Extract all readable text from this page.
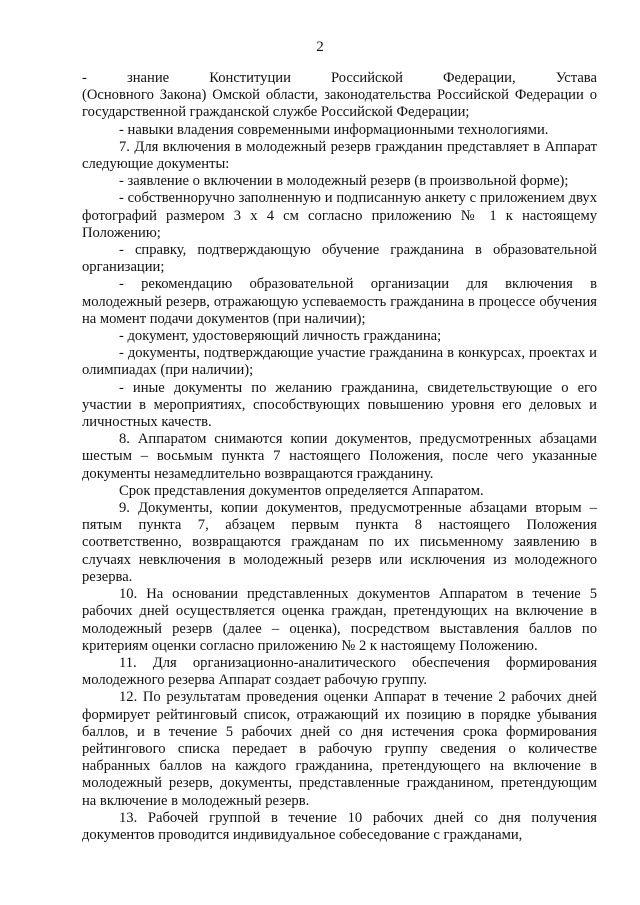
2

-	знание	Конституции	Российской	Федерации,	Устава
(Основного Закона) Омской области, законодательства Российской Федерации о государственной гражданской службе Российской Федерации;

- навыки владения современными информационными технологиями.

7. Для включения в молодежный резерв гражданин представляет в Аппарат следующие документы:

- заявление о включении в молодежный резерв (в произвольной форме);

- собственноручно заполненную и подписанную анкету с приложением двух фотографий размером 3 х 4 см согласно приложению № 1 к настоящему Положению;

- справку, подтверждающую обучение гражданина в образовательной организации;

- рекомендацию образовательной организации для включения в молодежный резерв, отражающую успеваемость гражданина в процессе обучения на момент подачи документов (при наличии);

- документ, удостоверяющий личность гражданина;

- документы, подтверждающие участие гражданина в конкурсах, проектах и олимпиадах (при наличии);

- иные документы по желанию гражданина, свидетельствующие о его участии в мероприятиях, способствующих повышению уровня его деловых и личностных качеств.

8. Аппаратом снимаются копии документов, предусмотренных абзацами шестым – восьмым пункта 7 настоящего Положения, после чего указанные документы незамедлительно возвращаются гражданину.

Срок представления документов определяется Аппаратом.

9. Документы, копии документов, предусмотренные абзацами вторым – пятым пункта 7, абзацем первым пункта 8 настоящего Положения соответственно, возвращаются гражданам по их письменному заявлению в случаях невключения в молодежный резерв или исключения из молодежного резерва.

10. На основании представленных документов Аппаратом в течение 5 рабочих дней осуществляется оценка граждан, претендующих на включение в молодежный резерв (далее – оценка), посредством выставления баллов по критериям оценки согласно приложению № 2 к настоящему Положению.

11. Для организационно-аналитического обеспечения формирования молодежного резерва Аппарат создает рабочую группу.

12. По результатам проведения оценки Аппарат в течение 2 рабочих дней формирует рейтинговый список, отражающий их позицию в порядке убывания баллов, и в течение 5 рабочих дней со дня истечения срока формирования рейтингового списка передает в рабочую группу сведения о количестве набранных баллов на каждого гражданина, претендующего на включение в молодежный резерв, документы, представленные гражданином, претендующим на включение в молодежный резерв.

13. Рабочей группой в течение 10 рабочих дней со дня получения документов проводится индивидуальное собеседование с гражданами,
